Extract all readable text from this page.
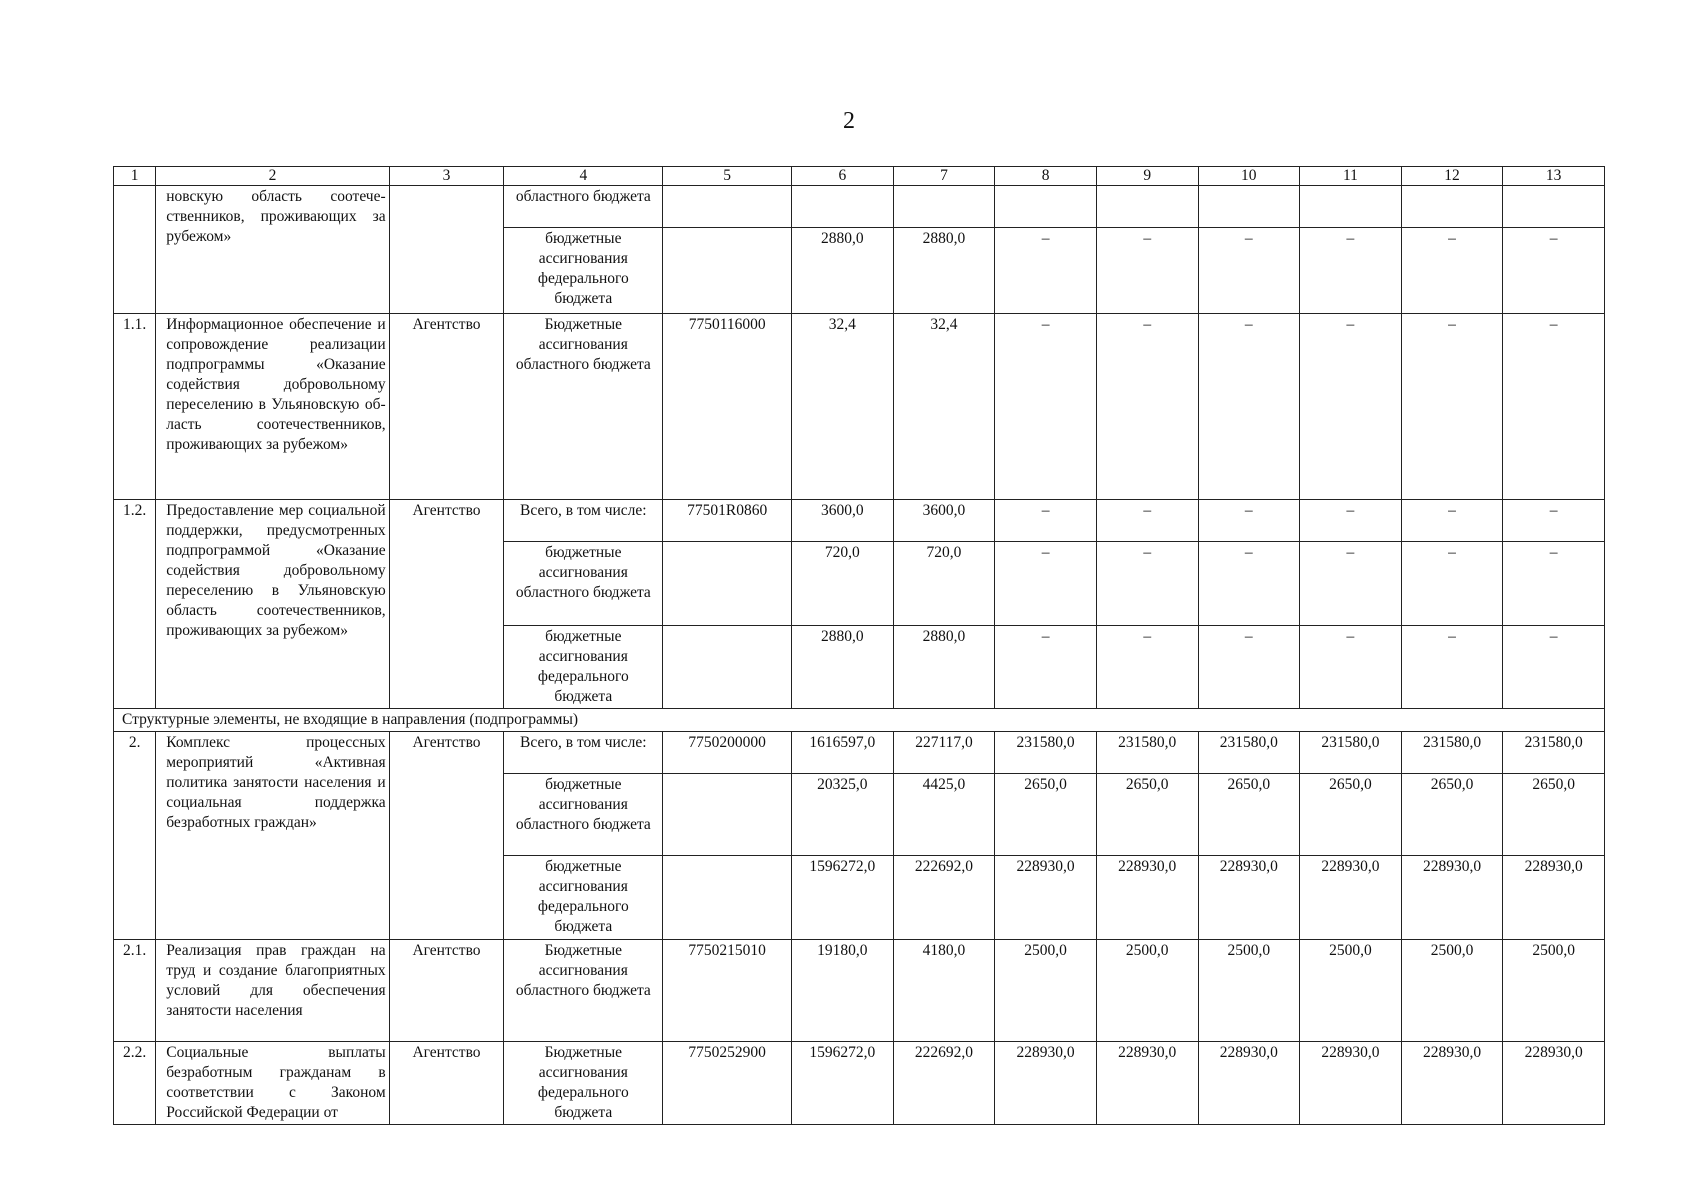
2
1	2	3	4	5	6	7	8	9	10	11	12	13
	новскую область соотечественников, проживающих за рубежом»		областного бюджета									
			бюджетные ассигнования федерального бюджета		2880,0	2880,0	–	–	–	–	–	–
1.1.	Информационное обеспечение и сопровождение реализации подпрограммы «Оказание содействия добровольному переселению в Ульяновскую область соотечественников, проживающих за рубежом»	Агентство	Бюджетные ассигнования областного бюджета	7750116000	32,4	32,4	–	–	–	–	–	–
1.2.	Предоставление мер социальной поддержки, предусмотренных подпрограммой «Оказание содействия добровольному переселению в Ульяновскую область соотечественников, проживающих за рубежом»	Агентство	Всего, в том числе:	77501R0860	3600,0	3600,0	–	–	–	–	–	–
			бюджетные ассигнования областного бюджета		720,0	720,0	–	–	–	–	–	–
			бюджетные ассигнования федерального бюджета		2880,0	2880,0	–	–	–	–	–	–
Структурные элементы, не входящие в направления (подпрограммы)												
2.	Комплекс процессных мероприятий «Активная политика занятости населения и социальная поддержка безработных граждан»	Агентство	Всего, в том числе:	7750200000	1616597,0	227117,0	231580,0	231580,0	231580,0	231580,0	231580,0	231580,0
			бюджетные ассигнования областного бюджета		20325,0	4425,0	2650,0	2650,0	2650,0	2650,0	2650,0	2650,0
			бюджетные ассигнования федерального бюджета		1596272,0	222692,0	228930,0	228930,0	228930,0	228930,0	228930,0	228930,0
2.1.	Реализация прав граждан на труд и создание благоприятных условий для обеспечения занятости населения	Агентство	Бюджетные ассигнования областного бюджета	7750215010	19180,0	4180,0	2500,0	2500,0	2500,0	2500,0	2500,0	2500,0
2.2.	Социальные выплаты безработным гражданам в соответствии с Законом Российской Федерации от	Агентство	Бюджетные ассигнования федерального бюджета	7750252900	1596272,0	222692,0	228930,0	228930,0	228930,0	228930,0	228930,0	228930,0
